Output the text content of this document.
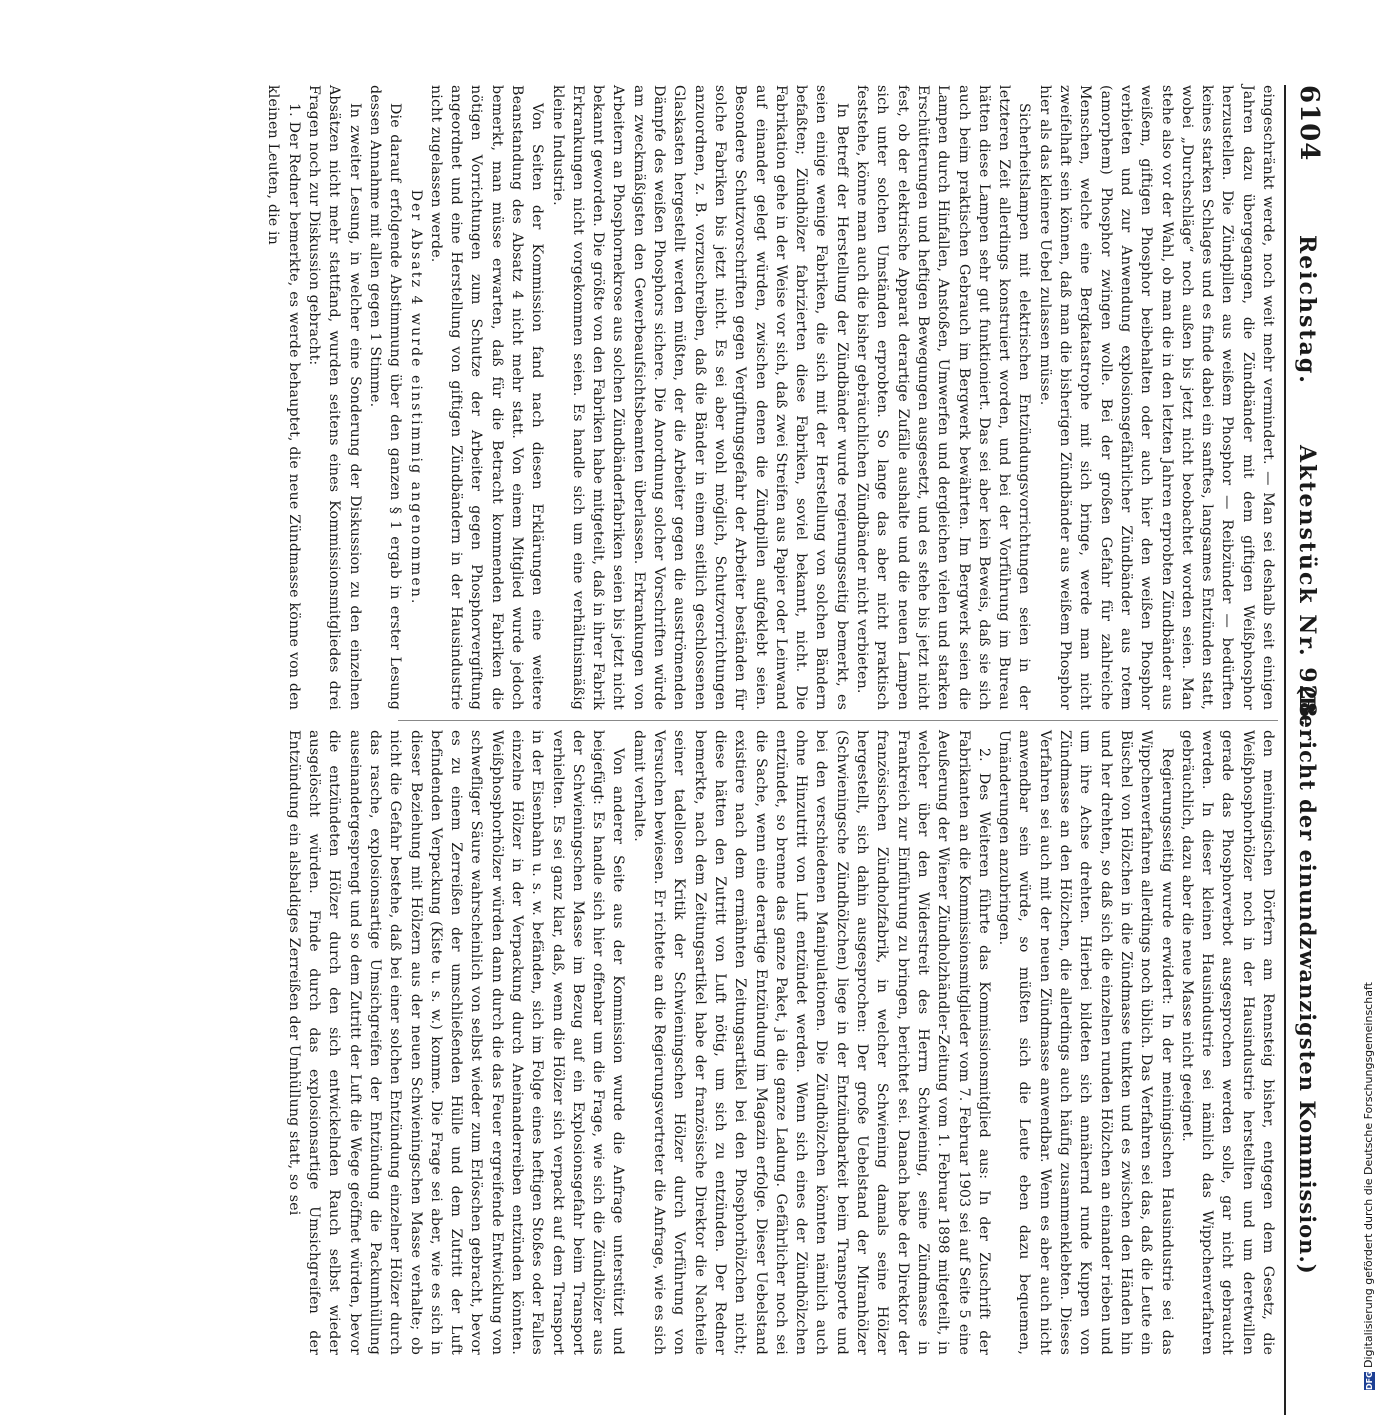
6104
Reichstag.
Aktenstück Nr. 928.
(Bericht der einundzwanzigsten Kommission.)

eingeschränkt werde, noch weit mehr vermindert. — Man sei deshalb seit einigen Jahren dazu übergegangen, die Zündbänder mit dem giftigen Weißphosphor herzustellen. Die Zündpillen aus weißem Phosphor — Reibzünder — bedürften keines starken Schlages und es finde dabei ein sanftes, langsames Entzünden statt, wobei „Durchschläge“ noch außen bis jetzt nicht beobachtet worden seien. Man stehe also vor der Wahl, ob man die in den letzten Jahren erprobten Zündbänder aus weißem, giftigen Phosphor beibehalten oder auch hier den weißen Phosphor verbieten und zur Anwendung explosionsgefährlicher Zündbänder aus rotem (amorphem) Phosphor zwingen wolle. Bei der großen Gefahr für zahlreiche Menschen, welche eine Bergkatastrophe mit sich bringe, werde man nicht zweifelhaft sein können, daß man die bisherigen Zündbänder aus weißem Phosphor hier als das kleinere Uebel zulassen müsse.

Sicherheitslampen mit elektrischen Entzündungsvorrichtungen seien in der letzteren Zeit allerdings konstruiert worden, und bei der Vorführung im Bureau hätten diese Lampen sehr gut funktioniert. Das sei aber kein Beweis, daß sie sich auch beim praktischen Gebrauch im Bergwerk bewährten. Im Bergwerk seien die Lampen durch Hinfallen, Anstoßen, Umwerfen und dergleichen vielen und starken Erschütterungen und heftigen Bewegungen ausgesetzt, und es stehe bis jetzt nicht fest, ob der elektrische Apparat derartige Zufälle aushalte und die neuen Lampen sich unter solchen Umständen erprobten. So lange das aber nicht praktisch feststehe, könne man auch die bisher gebräuchlichen Zündbänder nicht verbieten.

In Betreff der Herstellung der Zündbänder wurde regierungsseitig bemerkt, es seien einige wenige Fabriken, die sich mit der Herstellung von solchen Bändern befaßten; Zündhölzer fabrizierten diese Fabriken, soviel bekannt, nicht. Die Fabrikation gehe in der Weise vor sich, daß zwei Streifen aus Papier oder Leinwand auf einander gelegt würden, zwischen denen die Zündpillen aufgeklebt seien. Besondere Schutzvorschriften gegen Vergiftungsgefahr der Arbeiter beständen für solche Fabriken bis jetzt nicht. Es sei aber wohl möglich, Schutzvorrichtungen anzuordnen, z. B. vorzuschreiben, daß die Bänder in einem seitlich geschlossenen Glaskasten hergestellt werden müßten, der die Arbeiter gegen die ausströmenden Dämpfe des weißen Phosphors sichere. Die Anordnung solcher Vorschriften würde am zweckmäßigsten den Gewerbeaufsichtsbeamten überlassen. Erkrankungen von Arbeitern an Phosphornekrose aus solchen Zündbänderfabriken seien bis jetzt nicht bekannt geworden. Die größte von den Fabriken habe mitgeteilt, daß in ihrer Fabrik Erkrankungen nicht vorgekommen seien. Es handle sich um eine verhältnismäßig kleine Industrie.

Von Seiten der Kommission fand nach diesen Erklärungen eine weitere Beanstandung des Absatz 4 nicht mehr statt. Von einem Mitglied wurde jedoch bemerkt, man müsse erwarten, daß für die Betracht kommenden Fabriken die nötigen Vorrichtungen zum Schutze der Arbeiter gegen Phosphorvergiftung angeordnet und eine Herstellung von giftigen Zündbändern in der Hausindustrie nicht zugelassen werde.

Der Absatz 4 wurde einstimmig angenommen.

Die darauf erfolgende Abstimmung über den ganzen § 1 ergab in erster Lesung dessen Annahme mit allen gegen 1 Stimme.

In zweiter Lesung, in welcher eine Sonderung der Diskussion zu den einzelnen Absätzen nicht mehr stattfand, wurden seitens eines Kommissionsmitgliedes drei Fragen noch zur Diskussion gebracht:

1. Der Redner bemerkte, es werde behauptet, die neue Zündmasse könne von den kleinen Leuten, die in

den meiningischen Dörfern am Rennsteig bisher, entgegen dem Gesetz, die Weißphosphorhölzer noch in der Hausindustrie herstellten und um deretwillen gerade das Phosphorverbot ausgesprochen werden solle, gar nicht gebraucht werden. In dieser kleinen Hausindustrie sei nämlich das Wippchenverfahren gebräuchlich, dazu aber die neue Masse nicht geeignet.

Regierungsseitig wurde erwidert: In der meiningischen Hausindustrie sei das Wippchenverfahren allerdings noch üblich. Das Verfahren sei das, daß die Leute ein Büschel von Hölzchen in die Zündmasse tunkten und es zwischen den Händen hin und her drehten, so daß sich die einzelnen runden Hölzchen an einander rieben und um ihre Achse drehten. Hierbei bildeten sich annähernd runde Kuppen von Zündmasse an den Hölzchen, die allerdings auch häufig zusammenklebten. Dieses Verfahren sei auch mit der neuen Zündmasse anwendbar. Wenn es aber auch nicht anwendbar sein würde, so müßten sich die Leute eben dazu bequemen, Umänderungen anzubringen.

2. Des Weiteren führte das Kommissionsmitglied aus: In der Zuschrift der Fabrikanten an die Kommissionsmitglieder vom 7. Februar 1903 sei auf Seite 5 eine Aeußerung der Wiener Zündholzhändler-Zeitung vom 1. Februar 1898 mitgeteilt, in welcher über den Widerstreit des Herrn Schwiening, seine Zündmasse in Frankreich zur Einführung zu bringen, berichtet sei. Danach habe der Direktor der französischen Zündholzfabrik, in welcher Schwiening damals seine Hölzer hergestellt, sich dahin ausgesprochen: Der große Uebelstand der Miranhölzer (Schwieningsche Zündhölzchen) liege in der Entzündbarkeit beim Transporte und bei den verschiedenen Manipulationen. Die Zündhölzchen könnten nämlich auch ohne Hinzutritt von Luft entzündet werden. Wenn sich eines der Zündhölzchen entzündet, so brenne das ganze Paket, ja die ganze Ladung. Gefährlicher noch sei die Sache, wenn eine derartige Entzündung im Magazin erfolge. Dieser Uebelstand existiere nach dem ermähnten Zeitungsartikel bei den Phosphorhölzchen nicht; diese hätten den Zutritt von Luft nötig, um sich zu entzünden. Der Redner bemerkte, nach dem Zeitungsartikel habe der französische Direktor die Nachteile seiner tadellosen Kritik der Schwieningschen Hölzer durch Vorführung von Versuchen bewiesen. Er richtete an die Regierungsvertreter die Anfrage, wie es sich damit verhalte.

Von anderer Seite aus der Kommission wurde die Anfrage unterstützt und beigefügt: Es handle sich hier offenbar um die Frage, wie sich die Zündhölzer aus der Schwieningschen Masse im Bezug auf ein Explosionsgefahr beim Transport verhielten. Es sei ganz klar, daß, wenn die Hölzer sich verpackt auf dem Transport in der Eisenbahn u. s. w. befänden, sich im Folge eines heftigen Stoßes oder Falles einzelne Hölzer in der Verpackung durch Aneinanderreiben entzünden könnten. Weißphosphorhölzer würden dann durch die das Feuer ergreifende Entwicklung von schwefliger Säure wahrscheinlich von selbst wieder zum Erlöschen gebracht, bevor es zu einem Zerreißen der umschließenden Hülle und dem Zutritt der Luft befindenden Verpackung (Kiste u. s. w.) komme. Die Frage sei aber, wie es sich in dieser Beziehung mit Hölzern aus der neuen Schwieningschen Masse verhalte; ob nicht die Gefahr bestehe, daß bei einer solchen Entzündung einzelner Hölzer durch das rasche, explosionsartige Umsichgreifen der Entzündung die Packumhüllung auseinandergesprengt und so dem Zutritt der Luft die Wege geöffnet würden, bevor die entzündeten Hölzer durch den sich entwickelnden Rauch selbst wieder ausgelöscht würden. Finde durch das explosionsartige Umsichgreifen der Entzündung ein alsbaldiges Zerreißen der Umhüllung statt, so sei

DFGDigitalisierung gefördert durch die Deutsche Forschungsgemeinschaft
